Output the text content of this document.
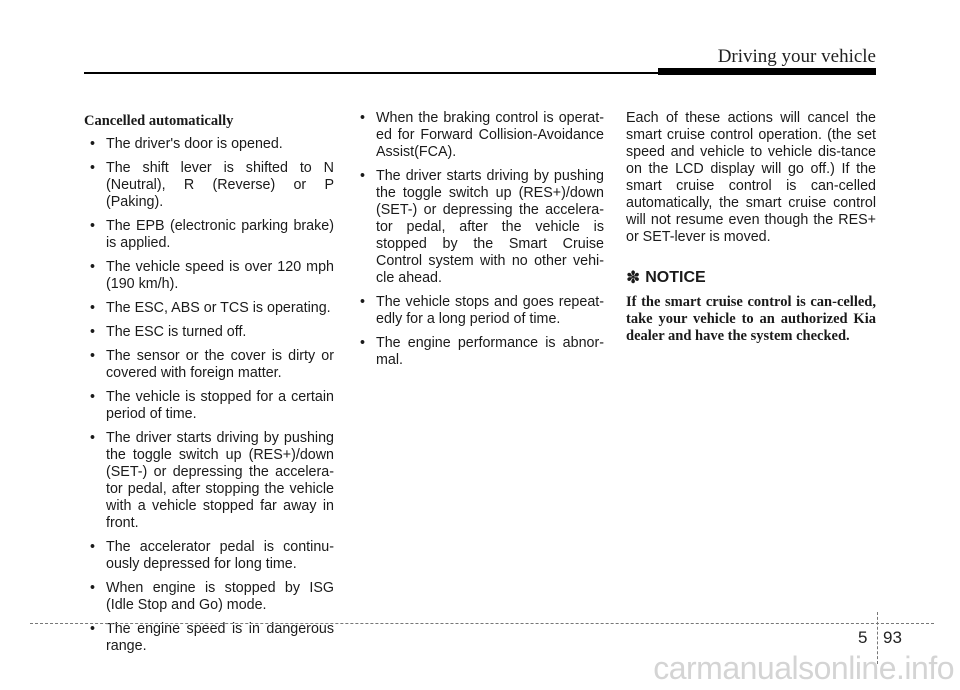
Driving your vehicle
Cancelled automatically
• The driver's door is opened.
• The shift lever is shifted to N (Neutral), R (Reverse) or P (Paking).
• The EPB (electronic parking brake) is applied.
• The vehicle speed is over 120 mph (190 km/h).
• The ESC, ABS or TCS is operating.
• The ESC is turned off.
• The sensor or the cover is dirty or covered with foreign matter.
• The vehicle is stopped for a certain period of time.
• The driver starts driving by pushing the toggle switch up (RES+)/down (SET-) or depressing the accelera-tor pedal, after stopping the vehicle with a vehicle stopped far away in front.
• The accelerator pedal is continu-ously depressed for long time.
• When engine is stopped by ISG (Idle Stop and Go) mode.
• The engine speed is in dangerous range.
• When the braking control is operat-ed for Forward Collision-Avoidance Assist(FCA).
• The driver starts driving by pushing the toggle switch up (RES+)/down (SET-) or depressing the accelera-tor pedal, after the vehicle is stopped by the Smart Cruise Control system with no other vehi-cle ahead.
• The vehicle stops and goes repeat-edly for a long period of time.
• The engine performance is abnor-mal.

Each of these actions will cancel the smart cruise control operation. (the set speed and vehicle to vehicle dis-tance on the LCD display will go off.) If the smart cruise control is can-celled automatically, the smart cruise control will not resume even though the RES+ or SET-lever is moved.

✽ NOTICE
If the smart cruise control is can-celled, take your vehicle to an authorized Kia dealer and have the system checked.
5 93
carmanualsonline.info
